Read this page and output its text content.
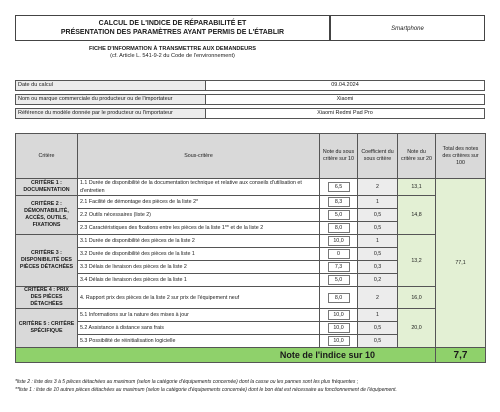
CALCUL DE L'INDICE DE RÉPARABILITÉ ET
PRÉSENTATION DES PARAMÈTRES AYANT PERMIS DE L'ÉTABLIR	Smartphone
FICHE D'INFORMATION À TRANSMETTRE AUX DEMANDEURS
(cf. Article L. 541-9-2 du Code de l'environnement)
Date du calcul	09.04.2024
Nom ou marque commerciale du producteur ou de l'importateur	Xiaomi
Référence du modèle donnée par le producteur ou l'importateur	Xiaomi Redmi Pad Pro
Critère	Sous-critère	Note du sous critère sur 10	Coefficient du sous critère	Note du critère sur 20	Total des notes des critères sur 100
CRITÈRE 1 : DOCUMENTATION	1.1 Durée de disponibilité de la documentation technique et relative aux conseils d'utilisation et d'entretien	6,5	2	13,1	77,1
CRITÈRE 2 : DÉMONTABILITÉ, ACCÈS, OUTILS, FIXATIONS	2.1 Facilité de démontage des pièces de la liste 2*	8,3	1	14,8	
	2.2 Outils nécessaires (liste 2)	5,0	0,5		
	2.3 Caractéristiques des fixations entre les pièces de la liste 1** et de la liste 2	8,0	0,5		
CRITÈRE 3 : DISPONIBILITÉ DES PIÈCES DÉTACHÉES	3.1 Durée de disponibilité des pièces de la liste 2	10,0	1	13,2	
	3.2 Durée de disponibilité des pièces de la liste 1	0	0,5		
	3.3 Délais de livraison des pièces de la liste 2	7,3	0,3		
	3.4 Délais de livraison des pièces de la liste 1	5,0	0,2		
CRITÈRE 4 : PRIX DES PIÈCES DÉTACHÉES	4. Rapport prix des pièces de la liste 2 sur prix de l'équipement neuf	8,0	2	16,0	
CRITÈRE 5 : CRITÈRE SPÉCIFIQUE	5.1 Informations sur la nature des mises à jour	10,0	1	20,0	
	5.2 Assistance à distance sans frais	10,0	0,5		
	5.3 Possibilité de réinitialisation logicielle	10,0	0,5		
Note de l'indice sur 10					7,7
*liste 2 : liste des 3 à 5 pièces détachées au maximum (selon la catégorie d'équipements concernée) dont la casse ou les pannes sont les plus fréquentes ;
**liste 1 : liste de 10 autres pièces détachées au maximum (selon la catégorie d'équipements concernée) dont le bon état est nécessaire au fonctionnement de l'équipement.
